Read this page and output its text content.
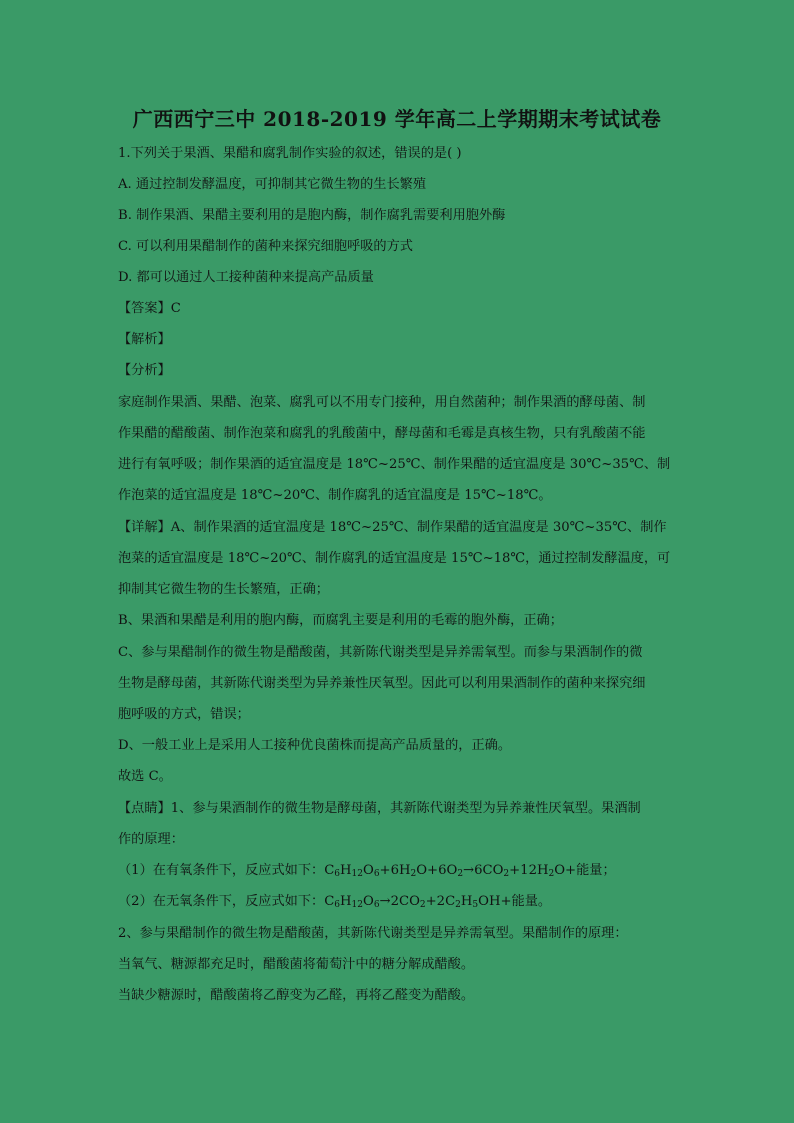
广西西宁三中 2018-2019 学年高二上学期期末考试试卷
1.下列关于果酒、果醋和腐乳制作实验的叙述，错误的是( )
A. 通过控制发酵温度，可抑制其它微生物的生长繁殖
B. 制作果酒、果醋主要利用的是胞内酶，制作腐乳需要利用胞外酶
C. 可以利用果醋制作的菌种来探究细胞呼吸的方式
D. 都可以通过人工接种菌种来提高产品质量
【答案】C
【解析】
【分析】
家庭制作果酒、果醋、泡菜、腐乳可以不用专门接种，用自然菌种；制作果酒的酵母菌、制
作果醋的醋酸菌、制作泡菜和腐乳的乳酸菌中，酵母菌和毛霉是真核生物，只有乳酸菌不能
进行有氧呼吸；制作果酒的适宜温度是 18℃~25℃、制作果醋的适宜温度是 30℃~35℃、制
作泡菜的适宜温度是 18℃~20℃、制作腐乳的适宜温度是 15℃~18℃。
【详解】A、制作果酒的适宜温度是 18℃~25℃、制作果醋的适宜温度是 30℃~35℃、制作
泡菜的适宜温度是 18℃~20℃、制作腐乳的适宜温度是 15℃~18℃，通过控制发酵温度，可
抑制其它微生物的生长繁殖，正确；
B、果酒和果醋是利用的胞内酶，而腐乳主要是利用的毛霉的胞外酶，正确；
C、参与果醋制作的微生物是醋酸菌，其新陈代谢类型是异养需氧型。而参与果酒制作的微
生物是酵母菌，其新陈代谢类型为异养兼性厌氧型。因此可以利用果酒制作的菌种来探究细
胞呼吸的方式，错误；
D、一般工业上是采用人工接种优良菌株而提高产品质量的，正确。
故选 C。
【点睛】1、参与果酒制作的微生物是酵母菌，其新陈代谢类型为异养兼性厌氧型。果酒制
作的原理：
（1）在有氧条件下，反应式如下：$C_6H_{12}O_6+6H_2O+6O_2\to 6CO_2+12H_2O+$能量；
（2）在无氧条件下，反应式如下：$C_6H_{12}O_6\to 2CO_2+2C_2H_5OH+$能量。
2、参与果醋制作的微生物是醋酸菌，其新陈代谢类型是异养需氧型。果醋制作的原理：
当氧气、糖源都充足时，醋酸菌将葡萄汁中的糖分解成醋酸。
当缺少糖源时，醋酸菌将乙醇变为乙醛，再将乙醛变为醋酸。
